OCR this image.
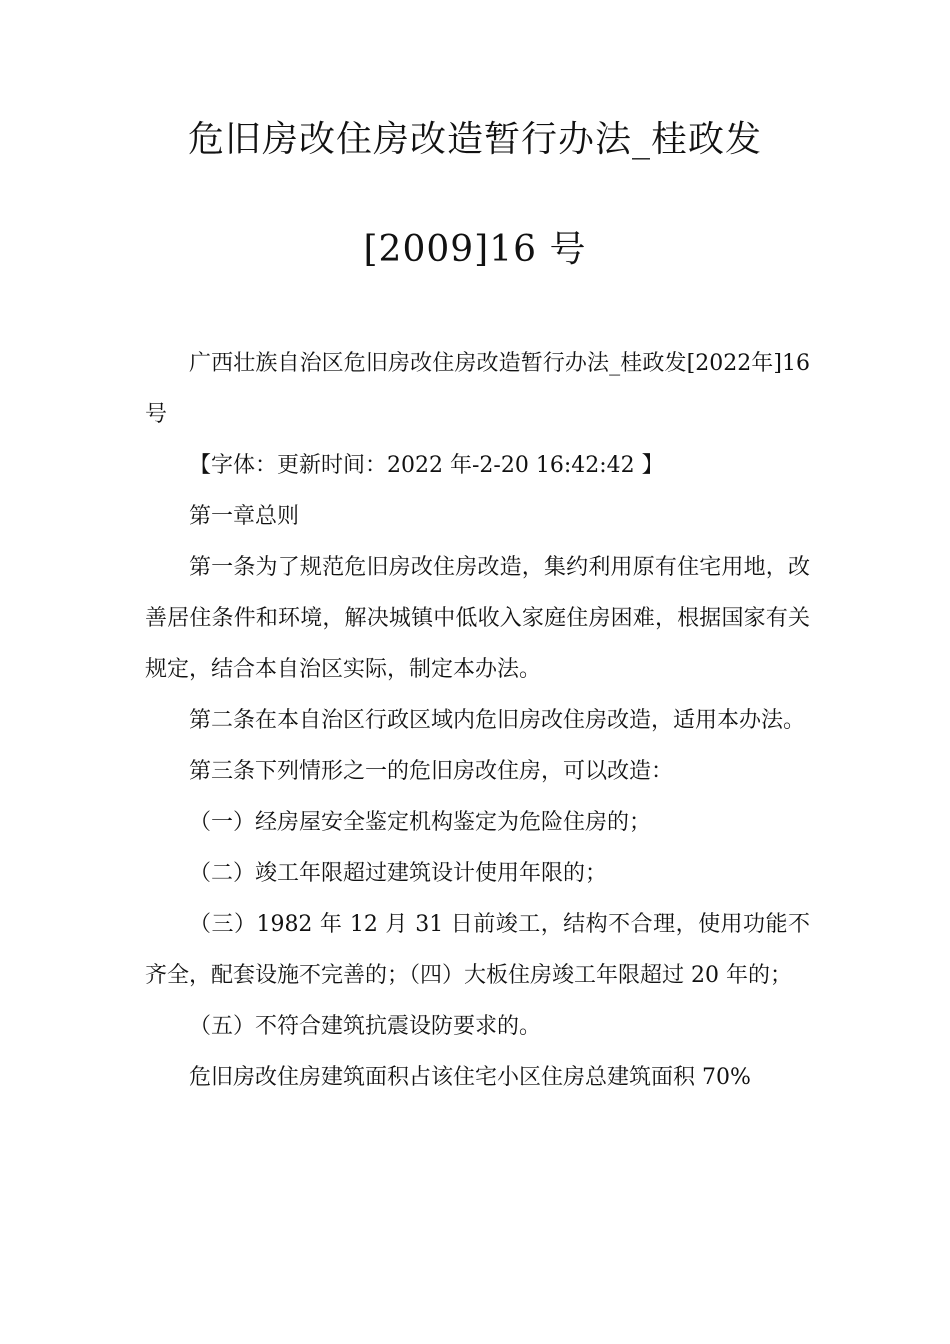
危旧房改住房改造暂行办法_桂政发
[2009]16 号

广西壮族自治区危旧房改住房改造暂行办法_桂政发[2022年]16 号

【字体：更新时间：2022 年-2-20 16:42:42 】

第一章总则

第一条为了规范危旧房改住房改造，集约利用原有住宅用地，改善居住条件和环境，解决城镇中低收入家庭住房困难，根据国家有关规定，结合本自治区实际，制定本办法。

第二条在本自治区行政区域内危旧房改住房改造，适用本办法。

第三条下列情形之一的危旧房改住房，可以改造：

（一）经房屋安全鉴定机构鉴定为危险住房的；

（二）竣工年限超过建筑设计使用年限的；

（三）1982 年 12 月 31 日前竣工，结构不合理，使用功能不齐全，配套设施不完善的；（四）大板住房竣工年限超过 20 年的；

（五）不符合建筑抗震设防要求的。

危旧房改住房建筑面积占该住宅小区住房总建筑面积 70%
